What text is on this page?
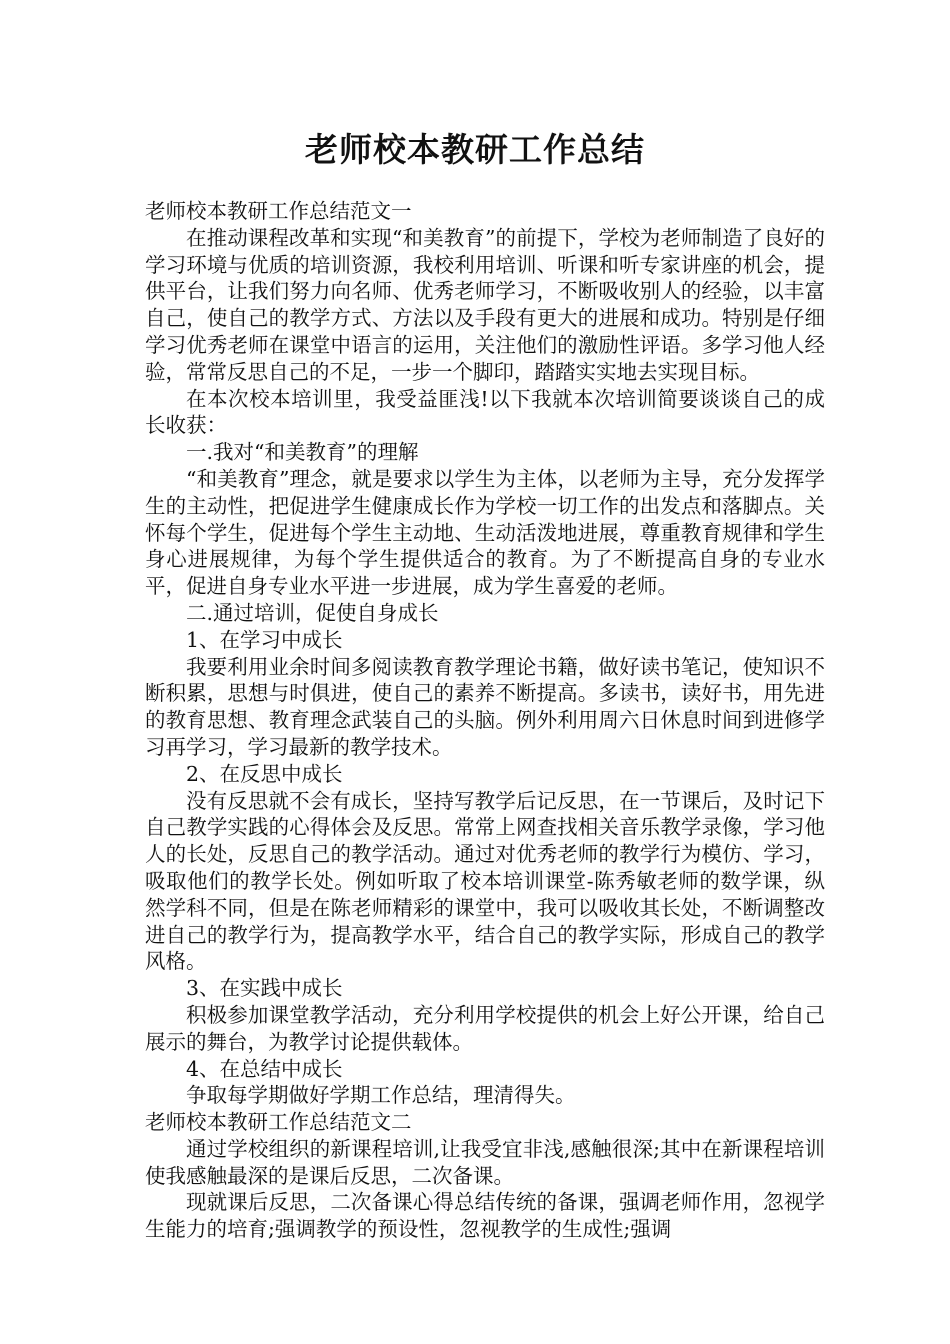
老师校本教研工作总结

老师校本教研工作总结范文一

在推动课程改革和实现“和美教育”的前提下，学校为老师制造了良好的学习环境与优质的培训资源，我校利用培训、听课和听专家讲座的机会，提供平台，让我们努力向名师、优秀老师学习，不断吸收别人的经验，以丰富自己，使自己的教学方式、方法以及手段有更大的进展和成功。特别是仔细学习优秀老师在课堂中语言的运用，关注他们的激励性评语。多学习他人经验，常常反思自己的不足，一步一个脚印，踏踏实实地去实现目标。

在本次校本培训里，我受益匪浅!以下我就本次培训简要谈谈自己的成长收获：

一.我对“和美教育”的理解

“和美教育”理念，就是要求以学生为主体，以老师为主导，充分发挥学生的主动性，把促进学生健康成长作为学校一切工作的出发点和落脚点。关怀每个学生，促进每个学生主动地、生动活泼地进展，尊重教育规律和学生身心进展规律，为每个学生提供适合的教育。为了不断提高自身的专业水平，促进自身专业水平进一步进展，成为学生喜爱的老师。

二.通过培训，促使自身成长

1、在学习中成长

我要利用业余时间多阅读教育教学理论书籍，做好读书笔记，使知识不断积累，思想与时俱进，使自己的素养不断提高。多读书，读好书，用先进的教育思想、教育理念武装自己的头脑。例外利用周六日休息时间到进修学习再学习，学习最新的教学技术。

2、在反思中成长

没有反思就不会有成长，坚持写教学后记反思，在一节课后，及时记下自己教学实践的心得体会及反思。常常上网查找相关音乐教学录像，学习他人的长处，反思自己的教学活动。通过对优秀老师的教学行为模仿、学习，吸取他们的教学长处。例如听取了校本培训课堂-陈秀敏老师的数学课，纵然学科不同，但是在陈老师精彩的课堂中，我可以吸收其长处，不断调整改进自己的教学行为，提高教学水平，结合自己的教学实际，形成自己的教学风格。

3、在实践中成长

积极参加课堂教学活动，充分利用学校提供的机会上好公开课，给自己展示的舞台，为教学讨论提供载体。

4、在总结中成长

争取每学期做好学期工作总结，理清得失。

老师校本教研工作总结范文二

通过学校组织的新课程培训,让我受宜非浅,感触很深;其中在新课程培训使我感触最深的是课后反思，二次备课。

现就课后反思，二次备课心得总结传统的备课，强调老师作用，忽视学生能力的培育;强调教学的预设性，忽视教学的生成性;强调
